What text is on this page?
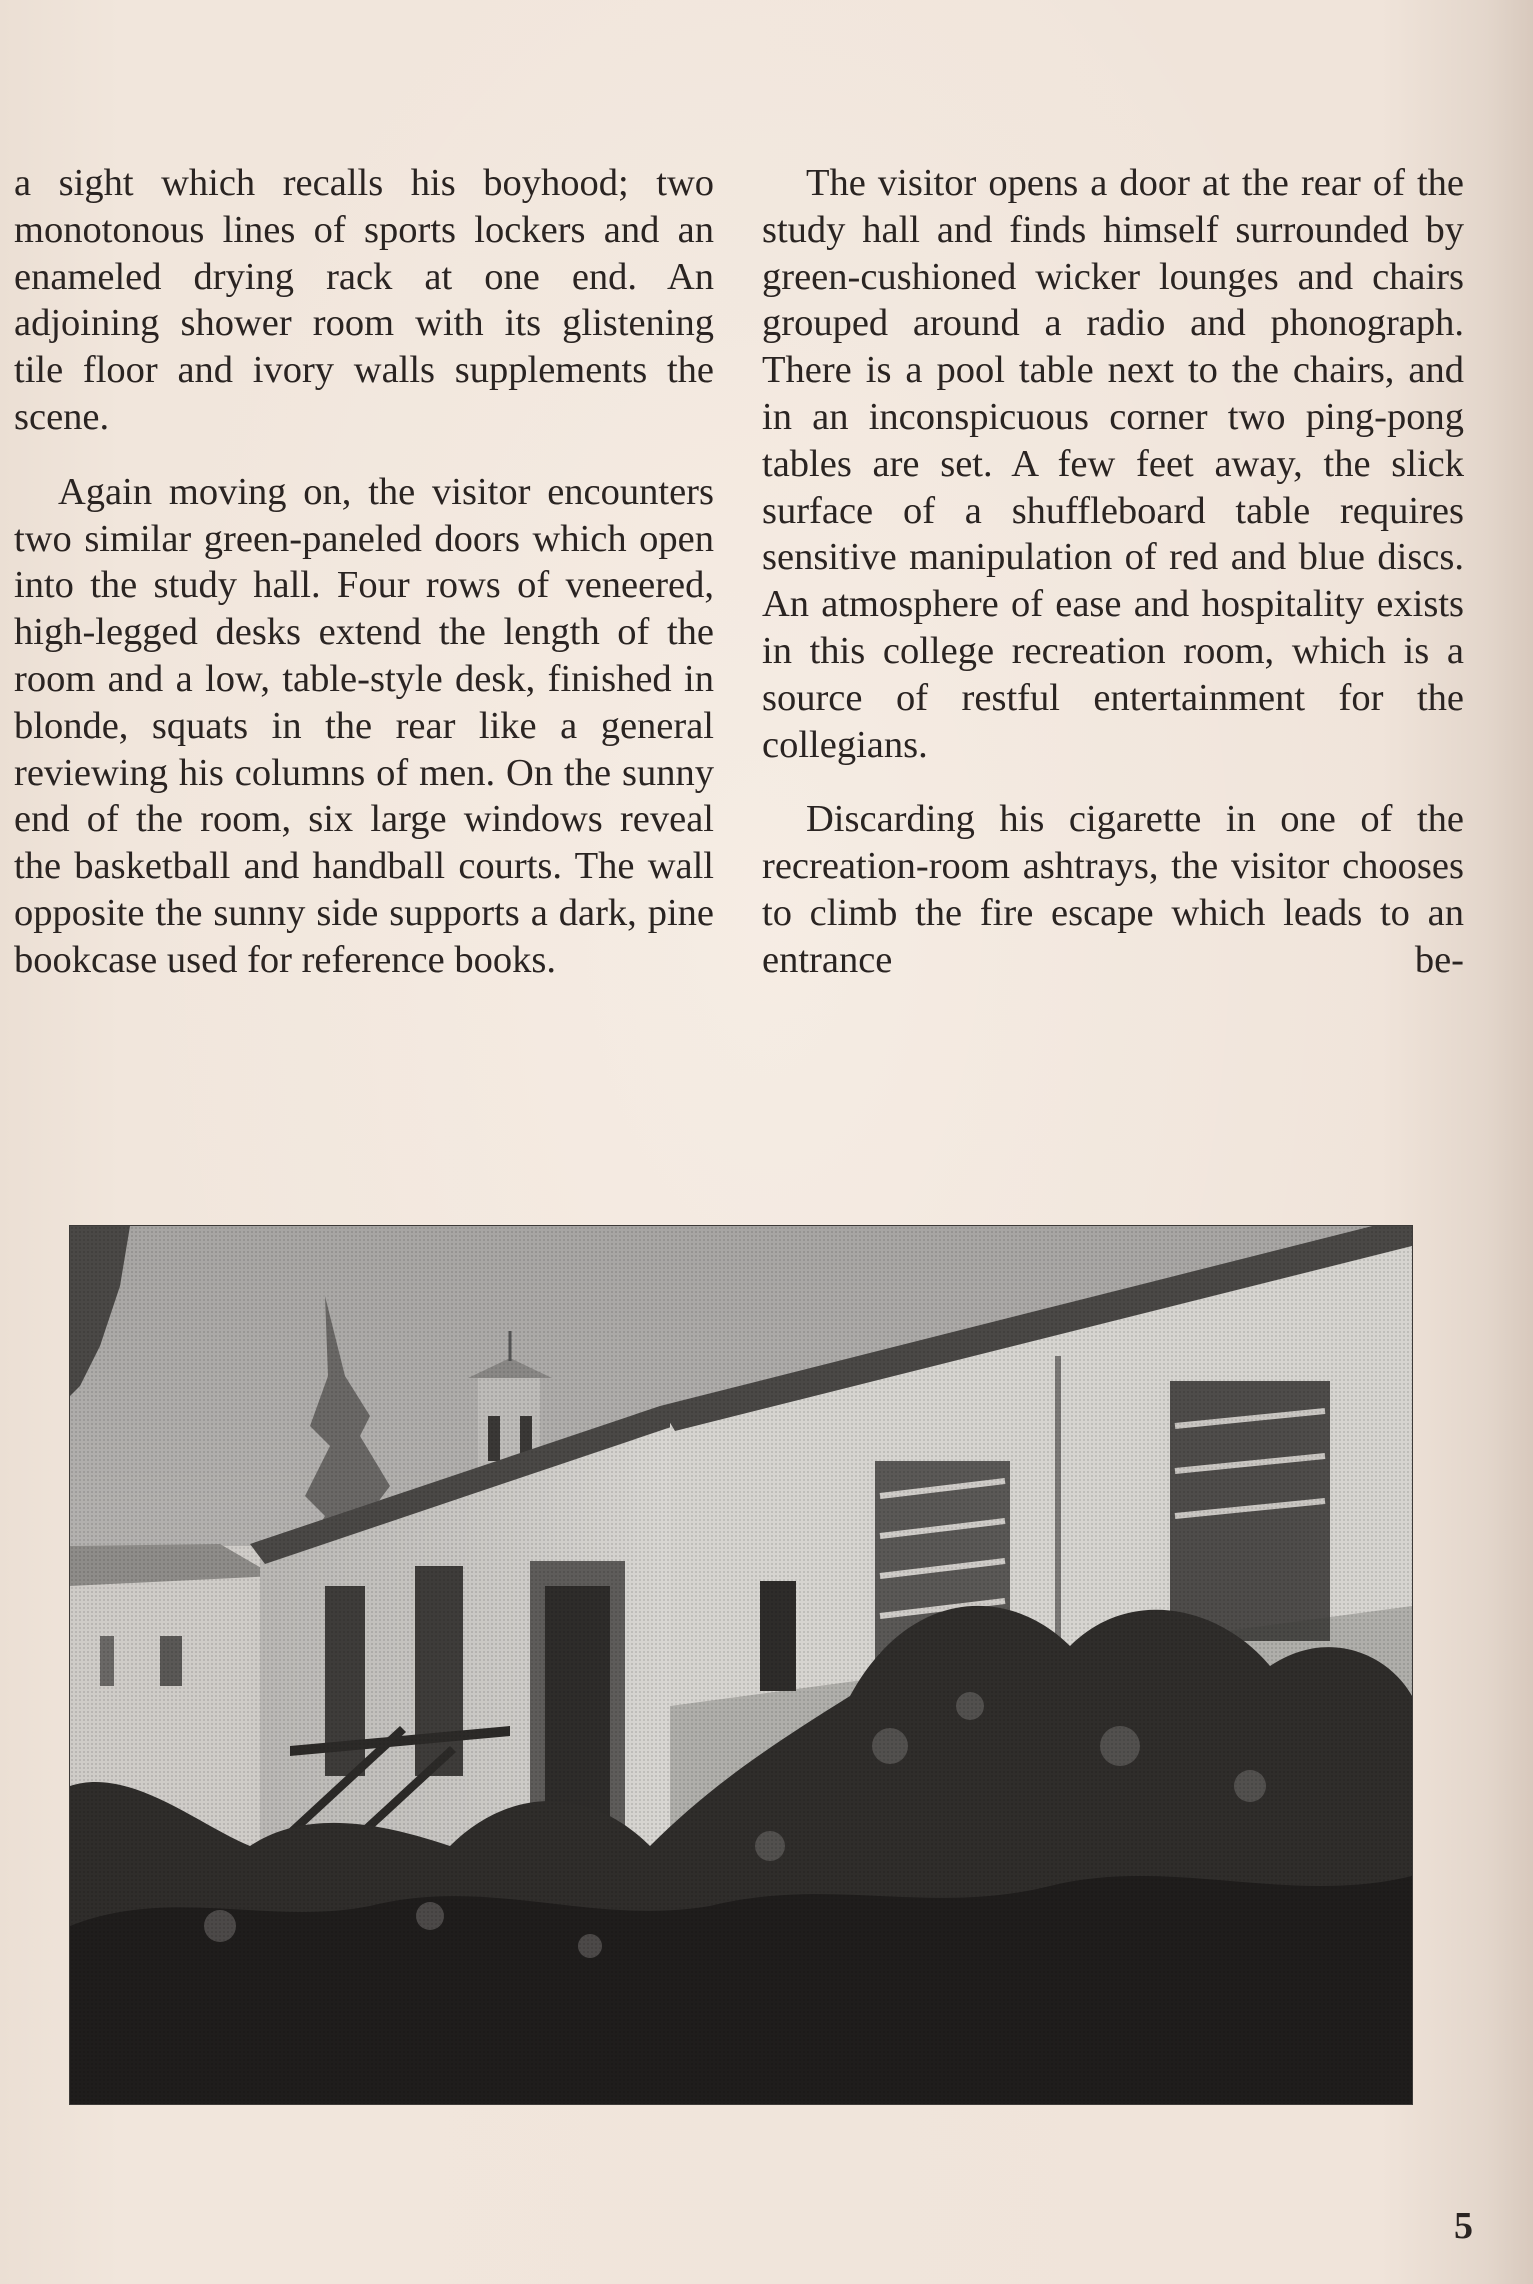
a sight which recalls his boyhood; two monotonous lines of sports lockers and an enameled drying rack at one end. An adjoining shower room with its glistening tile floor and ivory walls supplements the scene.

Again moving on, the visitor encounters two similar green-paneled doors which open into the study hall. Four rows of veneered, high-legged desks extend the length of the room and a low, table-style desk, finished in blonde, squats in the rear like a general reviewing his columns of men. On the sunny end of the room, six large windows reveal the basketball and handball courts. The wall opposite the sunny side supports a dark, pine bookcase used for reference books.

The visitor opens a door at the rear of the study hall and finds himself surrounded by green-cushioned wicker lounges and chairs grouped around a radio and phonograph. There is a pool table next to the chairs, and in an inconspicuous corner two ping-pong tables are set. A few feet away, the slick surface of a shuffleboard table requires sensitive manipulation of red and blue discs. An atmosphere of ease and hospitality exists in this college recreation room, which is a source of restful entertainment for the collegians.

Discarding his cigarette in one of the recreation-room ashtrays, the visitor chooses to climb the fire escape which leads to an entrance be-

5
